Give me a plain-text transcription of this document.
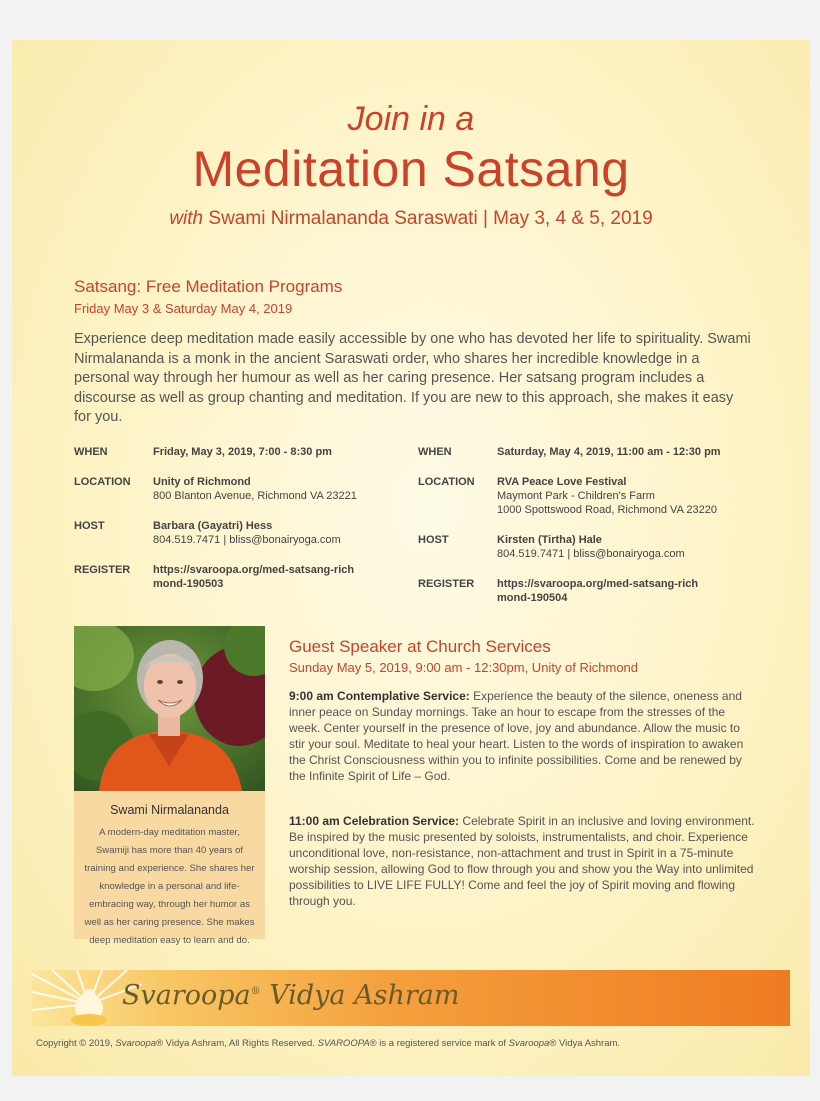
Join in a
Meditation Satsang
with Swami Nirmalananda Saraswati | May 3, 4 & 5, 2019
Satsang: Free Meditation Programs
Friday May 3 & Saturday May 4, 2019
Experience deep meditation made easily accessible by one who has devoted her life to spirituality. Swami Nirmalananda is a monk in the ancient Saraswati order, who shares her incredible knowledge in a personal way through her humour as well as her caring presence. Her satsang program includes a discourse as well as group chanting and meditation. If you are new to this approach, she makes it easy for you.
WHEN	Friday, May 3, 2019, 7:00 - 8:30 pm
LOCATION Unity of Richmond
800 Blanton Avenue, Richmond VA 23221
HOST	Barbara (Gayatri) Hess
804.519.7471 | bliss@bonairyoga.com
REGISTER https://svaroopa.org/med-satsang-richmond-190503
WHEN	Saturday, May 4, 2019, 11:00 am - 12:30 pm
LOCATION RVA Peace Love Festival
Maymont Park - Children's Farm
1000 Spottswood Road, Richmond VA 23220
HOST	Kirsten (Tirtha) Hale
804.519.7471 | bliss@bonairyoga.com
REGISTER https://svaroopa.org/med-satsang-richmond-190504
Swami Nirmalananda
A modern-day meditation master, Swamiji has more than 40 years of training and experience. She shares her knowledge in a personal and life-embracing way, through her humor as well as her caring presence. She makes deep meditation easy to learn and do.
Guest Speaker at Church Services
Sunday May 5, 2019, 9:00 am - 12:30pm, Unity of Richmond
9:00 am Contemplative Service: Experience the beauty of the silence, oneness and inner peace on Sunday mornings. Take an hour to escape from the stresses of the week. Center yourself in the presence of love, joy and abundance. Allow the music to stir your soul. Meditate to heal your heart. Listen to the words of inspiration to awaken the Christ Consciousness within you to infinite possibilities. Come and be renewed by the Infinite Spirit of Life – God.
11:00 am Celebration Service: Celebrate Spirit in an inclusive and loving environment. Be inspired by the music presented by soloists, instrumentalists, and choir. Experience unconditional love, non-resistance, non-attachment and trust in Spirit in a 75-minute worship session, allowing God to flow through you and show you the Way into unlimited possibilities to LIVE LIFE FULLY! Come and feel the joy of Spirit moving and flowing through you.
Svaroopa® Vidya Ashram
Copyright © 2019, Svaroopa® Vidya Ashram, All Rights Reserved. SVAROOPA® is a registered service mark of Svaroopa® Vidya Ashram.
